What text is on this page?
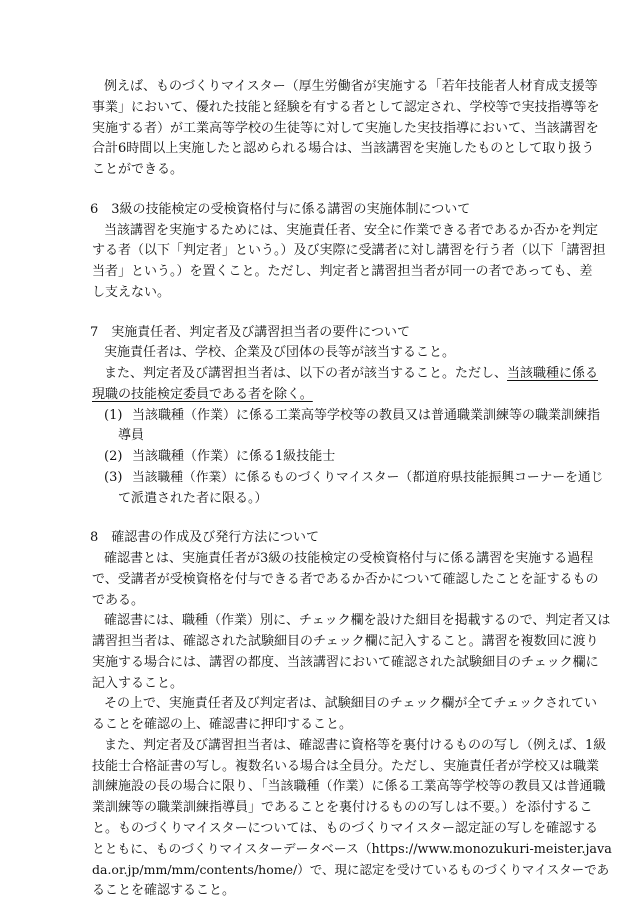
例えば、ものづくりマイスター（厚生労働省が実施する「若年技能者人材育成支援等
事業」において、優れた技能と経験を有する者として認定され、学校等で実技指導等を
実施する者）が工業高等学校の生徒等に対して実施した実技指導において、当該講習を
合計6時間以上実施したと認められる場合は、当該講習を実施したものとして取り扱う
ことができる。
6　3級の技能検定の受検資格付与に係る講習の実施体制について
当該講習を実施するためには、実施責任者、安全に作業できる者であるか否かを判定
する者（以下「判定者」という。）及び実際に受講者に対し講習を行う者（以下「講習担
当者」という。）を置くこと。ただし、判定者と講習担当者が同一の者であっても、差
し支えない。
7　実施責任者、判定者及び講習担当者の要件について
実施責任者は、学校、企業及び団体の長等が該当すること。
また、判定者及び講習担当者は、以下の者が該当すること。ただし、当該職種に係る
現職の技能検定委員である者を除く。
(1) 当該職種（作業）に係る工業高等学校等の教員又は普通職業訓練等の職業訓練指
導員
(2) 当該職種（作業）に係る1級技能士
(3) 当該職種（作業）に係るものづくりマイスター（都道府県技能振興コーナーを通じ
て派遣された者に限る。）
8　確認書の作成及び発行方法について
確認書とは、実施責任者が3級の技能検定の受検資格付与に係る講習を実施する過程
で、受講者が受検資格を付与できる者であるか否かについて確認したことを証するもの
である。
確認書には、職種（作業）別に、チェック欄を設けた細目を掲載するので、判定者又は
講習担当者は、確認された試験細目のチェック欄に記入すること。講習を複数回に渡り
実施する場合には、講習の都度、当該講習において確認された試験細目のチェック欄に
記入すること。
その上で、実施責任者及び判定者は、試験細目のチェック欄が全てチェックされてい
ることを確認の上、確認書に押印すること。
また、判定者及び講習担当者は、確認書に資格等を裏付けるものの写し（例えば、1級
技能士合格証書の写し。複数名いる場合は全員分。ただし、実施責任者が学校又は職業
訓練施設の長の場合に限り、「当該職種（作業）に係る工業高等学校等の教員又は普通職
業訓練等の職業訓練指導員」であることを裏付けるものの写しは不要。）を添付するこ
と。ものづくりマイスターについては、ものづくりマイスター認定証の写しを確認する
とともに、ものづくりマイスターデータベース（https://www.monozukuri-meister.java
da.or.jp/mm/mm/contents/home/）で、現に認定を受けているものづくりマイスターであ
ることを確認すること。
